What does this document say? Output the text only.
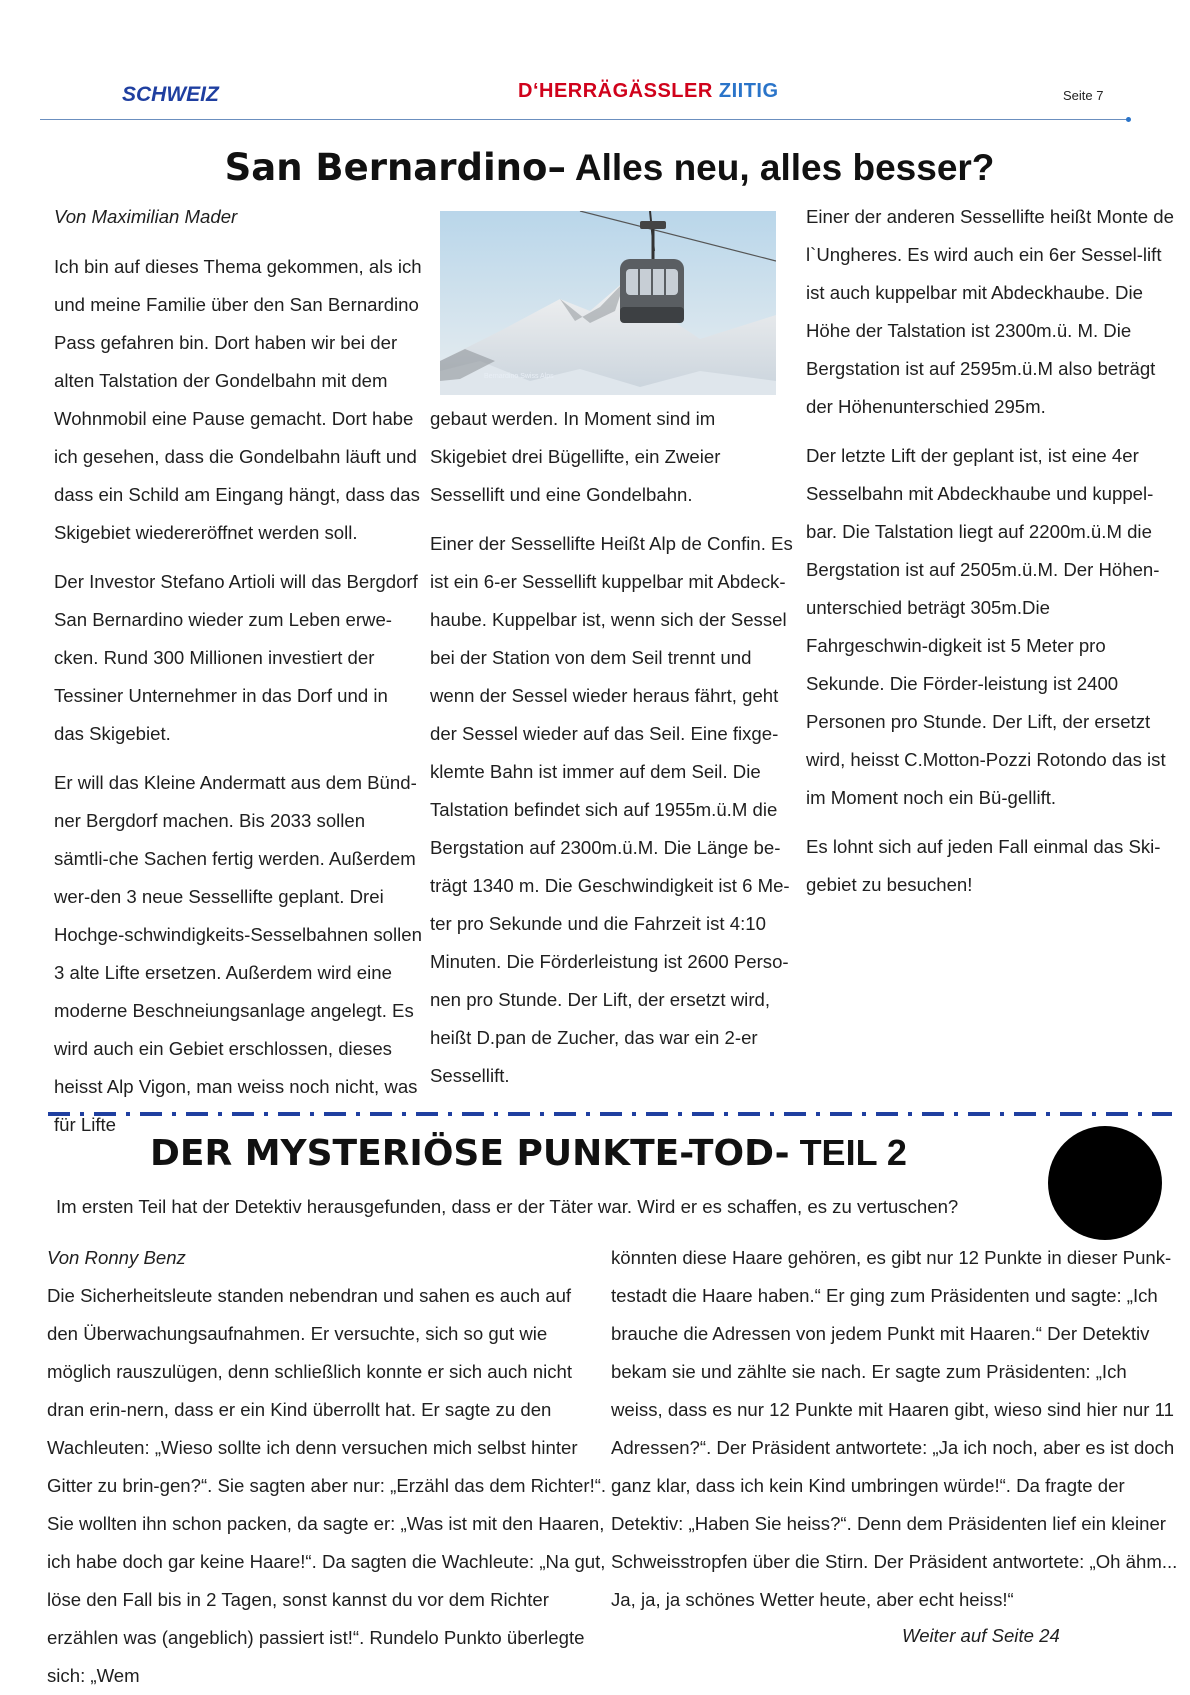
SCHWEIZ	D‘HERRÄGÄSSLER ZIITIG	Seite 7
San Bernardino– Alles neu, alles besser?

Von Maximilian Mader

Ich bin auf dieses Thema gekommen, als ich und meine Familie über den San Bernardino Pass gefahren bin. Dort haben wir bei der alten Talstation der Gondelbahn mit dem Wohnmobil eine Pause gemacht. Dort habe ich gesehen, dass die Gondelbahn läuft und dass ein Schild am Eingang hängt, dass das Skigebiet wiedereröffnet werden soll.

Der Investor Stefano Artioli will das Bergdorf San Bernardino wieder zum Leben erwe-cken. Rund 300 Millionen investiert der Tessiner Unternehmer in das Dorf und in das Skigebiet.

Er will das Kleine Andermatt aus dem Bünd-ner Bergdorf machen. Bis 2033 sollen sämtli-che Sachen fertig werden. Außerdem wer-den 3 neue Sessellifte geplant. Drei Hochge-schwindigkeits-Sesselbahnen sollen 3 alte Lifte ersetzen. Außerdem wird eine moderne Beschneiungsanlage angelegt. Es wird auch ein Gebiet erschlossen, dieses heisst Alp Vigon, man weiss noch nicht, was für Lifte

Bernardino Swiss Alps

gebaut werden. In Moment sind im Skigebiet drei Bügellifte, ein Zweier Sessellift und eine Gondelbahn.

Einer der Sessellifte Heißt Alp de Confin. Es ist ein 6-er Sessellift kuppelbar mit Abdeck-haube. Kuppelbar ist, wenn sich der Sessel bei der Station von dem Seil trennt und wenn der Sessel wieder heraus fährt, geht der Sessel wieder auf das Seil. Eine fixge-klemte Bahn ist immer auf dem Seil. Die Talstation befindet sich auf 1955m.ü.M die Bergstation auf 2300m.ü.M. Die Länge be-trägt 1340 m. Die Geschwindigkeit ist 6 Me-ter pro Sekunde und die Fahrzeit ist 4:10 Minuten. Die Förderleistung ist 2600 Perso-nen pro Stunde. Der Lift, der ersetzt wird, heißt D.pan de Zucher, das war ein 2-er Sessellift.

Einer der anderen Sessellifte heißt Monte de l`Ungheres. Es wird auch ein 6er Sessel-lift ist auch kuppelbar mit Abdeckhaube. Die Höhe der Talstation ist 2300m.ü. M. Die Bergstation ist auf 2595m.ü.M also beträgt der Höhenunterschied 295m.

Der letzte Lift der geplant ist, ist eine 4er Sesselbahn mit Abdeckhaube und kuppel-bar. Die Talstation liegt auf 2200m.ü.M die Bergstation ist auf 2505m.ü.M. Der Höhen-unterschied beträgt 305m.Die Fahrgeschwin-digkeit ist 5 Meter pro Sekunde. Die Förder-leistung ist 2400 Personen pro Stunde. Der Lift, der ersetzt wird, heisst C.Motton-Pozzi Rotondo das ist im Moment noch ein Bü-gellift.

Es lohnt sich auf jeden Fall einmal das Ski-gebiet zu besuchen!

DER MYSTERIÖSE PUNKTE-TOD- TEIL 2
Im ersten Teil hat der Detektiv herausgefunden, dass er der Täter war. Wird er es schaffen, es zu vertuschen?

Von Ronny Benz

Die Sicherheitsleute standen nebendran und sahen es auch auf den Überwachungsaufnahmen. Er versuchte, sich so gut wie möglich rauszulügen, denn schließlich konnte er sich auch nicht dran erin-nern, dass er ein Kind überrollt hat. Er sagte zu den Wachleuten: „Wieso sollte ich denn versuchen mich selbst hinter Gitter zu brin-gen?“. Sie sagten aber nur: „Erzähl das dem Richter!“. Sie wollten ihn schon packen, da sagte er: „Was ist mit den Haaren, ich habe doch gar keine Haare!“. Da sagten die Wachleute: „Na gut, löse den Fall bis in 2 Tagen, sonst kannst du vor dem Richter erzählen was (angeblich) passiert ist!“. Rundelo Punkto überlegte sich: „Wem

könnten diese Haare gehören, es gibt nur 12 Punkte in dieser Punk-testadt die Haare haben.“ Er ging zum Präsidenten und sagte: „Ich brauche die Adressen von jedem Punkt mit Haaren.“ Der Detektiv bekam sie und zählte sie nach. Er sagte zum Präsidenten: „Ich weiss, dass es nur 12 Punkte mit Haaren gibt, wieso sind hier nur 11 Adressen?“. Der Präsident antwortete: „Ja ich noch, aber es ist doch ganz klar, dass ich kein Kind umbringen würde!“. Da fragte der Detektiv: „Haben Sie heiss?“. Denn dem Präsidenten lief ein kleiner Schweisstropfen über die Stirn. Der Präsident antwortete: „Oh ähm... Ja, ja, ja schönes Wetter heute, aber echt heiss!“

Weiter auf Seite 24
